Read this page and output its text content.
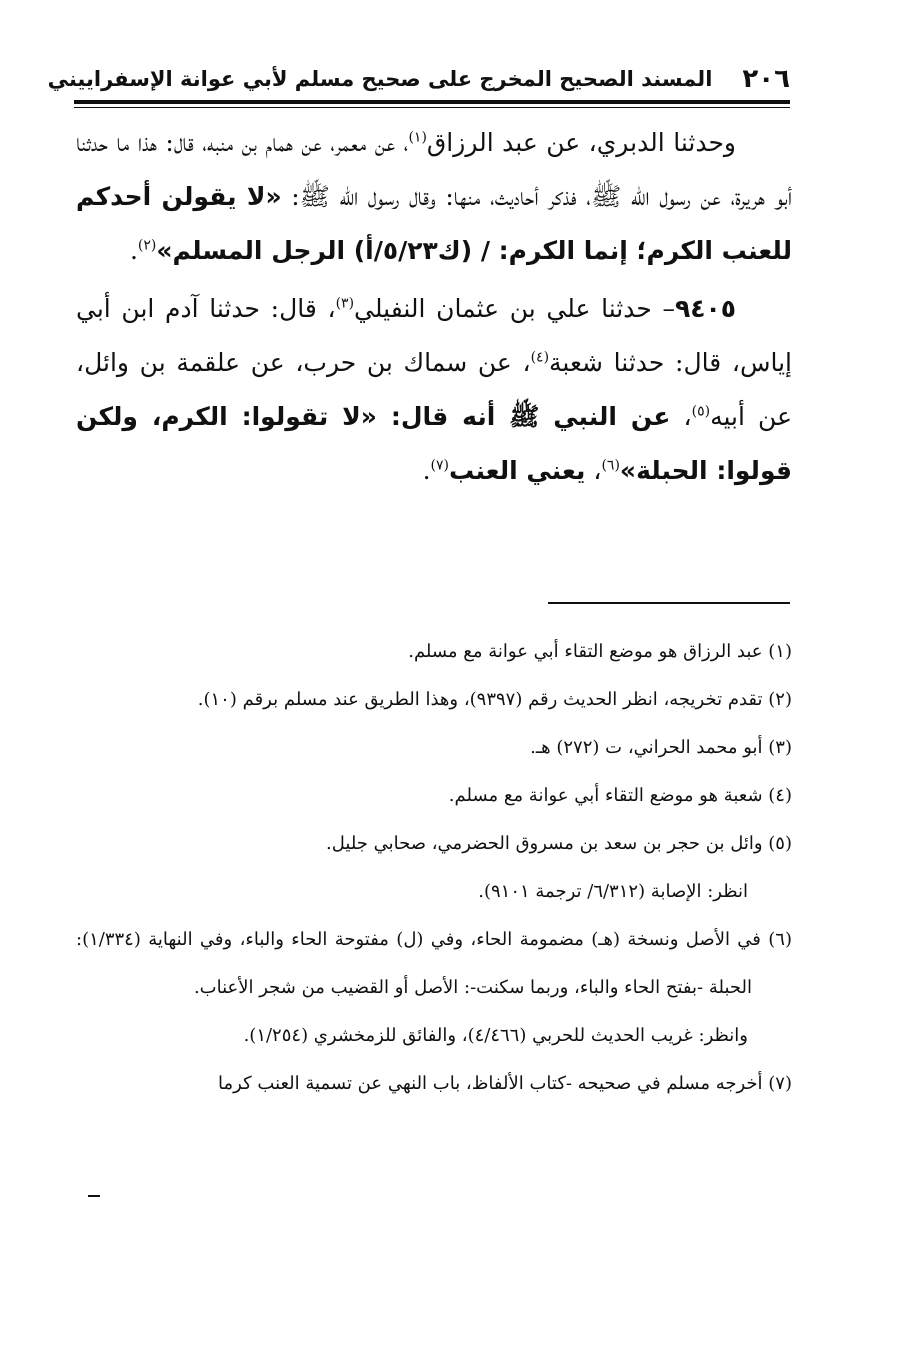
٢٠٦
المسند الصحيح المخرج على صحيح مسلم لأبي عوانة الإسفراييني

وحدثنا الدبري، عن عبد الرزاق$^{(١)}$، عن معمر، عن همام بن منبه، قال: هذا ما حدثنا أبو هريرة، عن رسول الله ﷺ، فذكر أحاديث، منها: وقال رسول الله ﷺ: «لا يقولن أحدكم للعنب الكرم؛ إنما الكرم: / (ك٥/٢٣/أ) الرجل المسلم»$^{(٢)}$.

٩٤٠٥– حدثنا علي بن عثمان النفيلي$^{(٣)}$، قال: حدثنا آدم ابن أبي إياس، قال: حدثنا شعبة$^{(٤)}$، عن سماك بن حرب، عن علقمة بن وائل، عن أبيه$^{(٥)}$، عن النبي ﷺ أنه قال: «لا تقولوا: الكرم، ولكن قولوا: الحبلة»$^{(٦)}$، يعني العنب$^{(٧)}$.

(١) عبد الرزاق هو موضع التقاء أبي عوانة مع مسلم.

(٢) تقدم تخريجه، انظر الحديث رقم (٩٣٩٧)، وهذا الطريق عند مسلم برقم (١٠).

(٣) أبو محمد الحراني، ت (٢٧٢) هـ.

(٤) شعبة هو موضع التقاء أبي عوانة مع مسلم.

(٥) وائل بن حجر بن سعد بن مسروق الحضرمي، صحابي جليل.

انظر: الإصابة (٦/٣١٢/ ترجمة ٩١٠١).

(٦) في الأصل ونسخة (هـ) مضمومة الحاء، وفي (ل) مفتوحة الحاء والباء، وفي النهاية (١/٣٣٤): الحبلة -بفتح الحاء والباء، وربما سكنت-: الأصل أو القضيب من شجر الأعناب.

وانظر: غريب الحديث للحربي (٤/٤٦٦)، والفائق للزمخشري (١/٢٥٤).

(٧) أخرجه مسلم في صحيحه -كتاب الألفاظ، باب النهي عن تسمية العنب كرما
